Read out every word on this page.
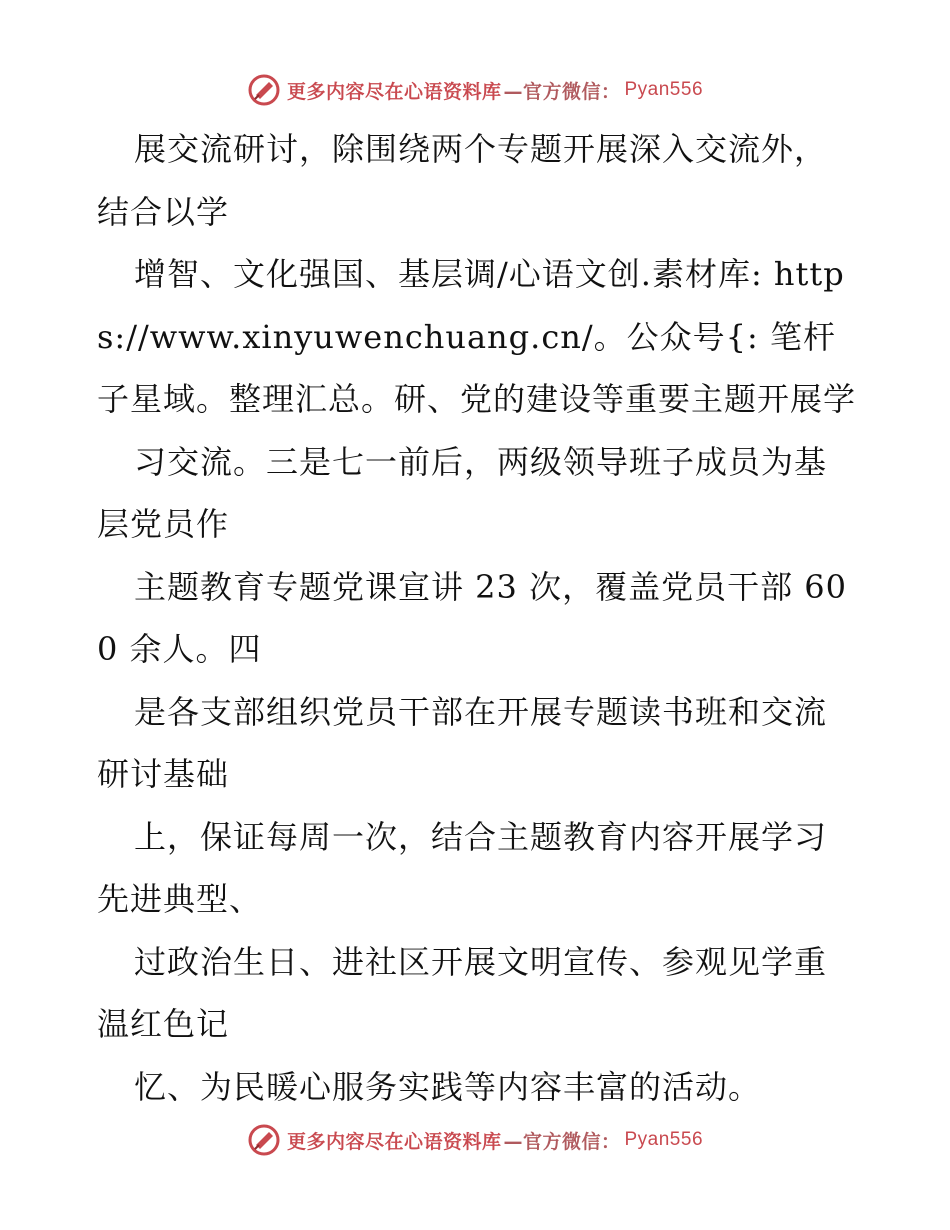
更多内容尽在心语资料库 —官方微信： Pyan556

展交流研讨，除围绕两个专题开展深入交流外，结合以学

增智、文化强国、基层调/心语文创.素材库: https://www.xinyuwenchuang.cn/。公众号{: 笔杆子星域。整理汇总。研、党的建设等重要主题开展学

习交流。三是七一前后，两级领导班子成员为基层党员作

主题教育专题党课宣讲 23 次，覆盖党员干部 600 余人。四

是各支部组织党员干部在开展专题读书班和交流研讨基础

上，保证每周一次，结合主题教育内容开展学习先进典型、

过政治生日、进社区开展文明宣传、参观见学重温红色记

忆、为民暖心服务实践等内容丰富的活动。

更多内容尽在心语资料库 —官方微信： Pyan556
